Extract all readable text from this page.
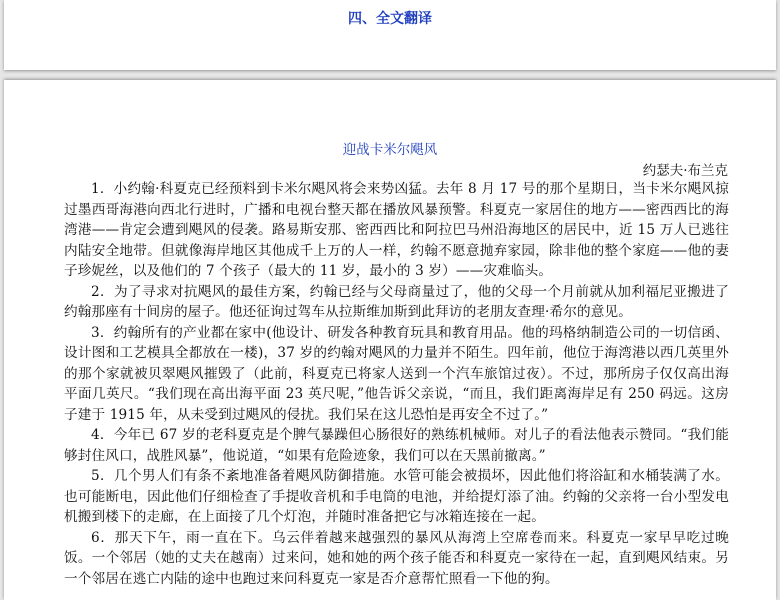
四、全文翻译
迎战卡米尔飓风
约瑟夫·布兰克

1．小约翰·科夏克已经预料到卡米尔飓风将会来势凶猛。去年 8 月 17 号的那个星期日，当卡米尔飓风掠过墨西哥海港向西北行进时，广播和电视台整天都在播放风暴预警。科夏克一家居住的地方——密西西比的海湾港——肯定会遭到飓风的侵袭。路易斯安那、密西西比和阿拉巴马州沿海地区的居民中，近 15 万人已逃往内陆安全地带。但就像海岸地区其他成千上万的人一样，约翰不愿意抛弃家园，除非他的整个家庭——他的妻子珍妮丝，以及他们的 7 个孩子（最大的 11 岁，最小的 3 岁）——灾难临头。

2．为了寻求对抗飓风的最佳方案，约翰已经与父母商量过了，他的父母一个月前就从加利福尼亚搬进了约翰那座有十间房的屋子。他还征询过驾车从拉斯维加斯到此拜访的老朋友查理·希尔的意见。

3．约翰所有的产业都在家中(他设计、研发各种教育玩具和教育用品。他的玛格纳制造公司的一切信函、设计图和工艺模具全都放在一楼)，37 岁的约翰对飓风的力量并不陌生。四年前，他位于海湾港以西几英里外的那个家就被贝翠飓风摧毁了（此前，科夏克已将家人送到一个汽车旅馆过夜）。不过，那所房子仅仅高出海平面几英尺。“我们现在高出海平面 23 英尺呢，”他告诉父亲说，“而且，我们距离海岸足有 250 码远。这房子建于 1915 年，从未受到过飓风的侵扰。我们呆在这儿恐怕是再安全不过了。”

4．今年已 67 岁的老科夏克是个脾气暴躁但心肠很好的熟练机械师。对儿子的看法他表示赞同。“我们能够封住风口，战胜风暴”，他说道，“如果有危险迹象，我们可以在天黑前撤离。”

5．几个男人们有条不紊地准备着飓风防御措施。水管可能会被损坏，因此他们将浴缸和水桶装满了水。也可能断电，因此他们仔细检查了手提收音机和手电筒的电池，并给提灯添了油。约翰的父亲将一台小型发电机搬到楼下的走廊，在上面接了几个灯泡，并随时准备把它与冰箱连接在一起。

6．那天下午，雨一直在下。乌云伴着越来越强烈的暴风从海湾上空席卷而来。科夏克一家早早吃过晚饭。一个邻居（她的丈夫在越南）过来问，她和她的两个孩子能否和科夏克一家待在一起，直到飓风结束。另一个邻居在逃亡内陆的途中也跑过来问科夏克一家是否介意帮忙照看一下他的狗。
